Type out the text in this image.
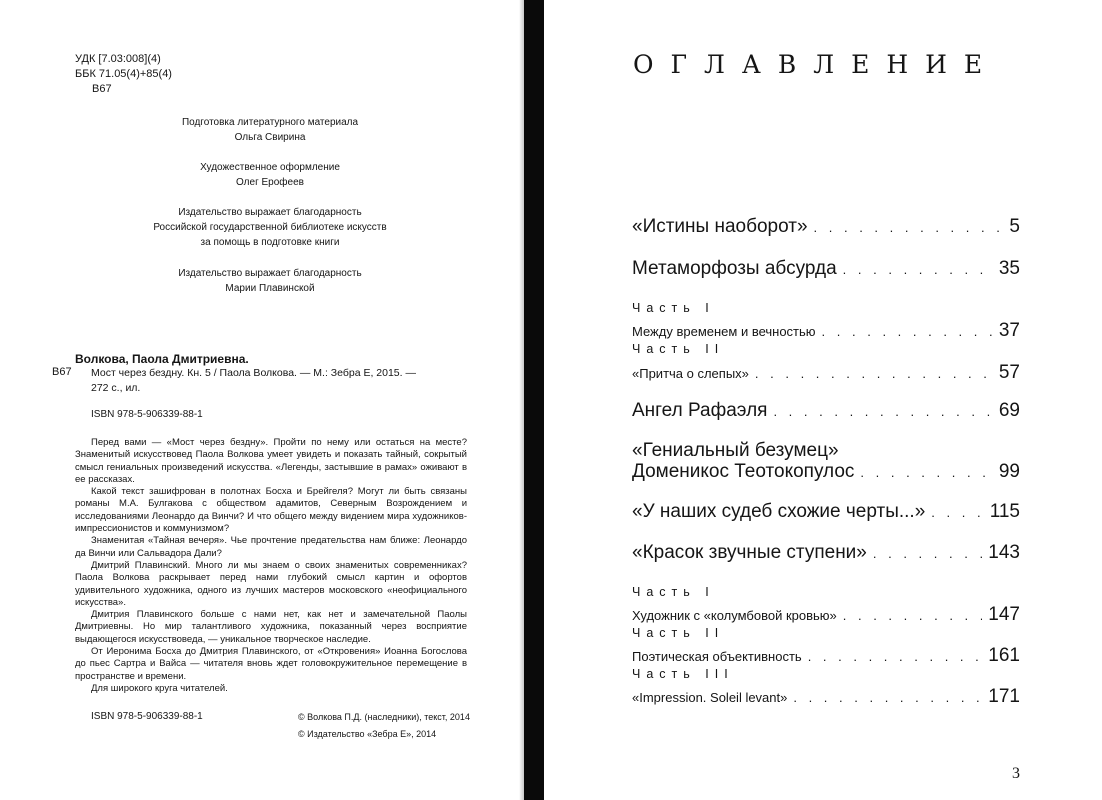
УДК [7.03:008](4)
ББК 71.05(4)+85(4)
В67
Подготовка литературного материала
Ольга Свирина
Художественное оформление
Олег Ерофеев
Издательство выражает благодарность
Российской государственной библиотеке искусств
за помощь в подготовке книги
Издательство выражает благодарность
Марии Плавинской
Волкова, Паола Дмитриевна.
В67 Мост через бездну. Кн. 5 / Паола Волкова. — М.: Зебра Е, 2015. —
272 с., ил.
ISBN 978-5-906339-88-1

Перед вами — «Мост через бездну». Пройти по нему или остаться на месте? Знаменитый искусствовед Паола Волкова умеет увидеть и показать тайный, сокрытый смысл гениальных произведений искусства. «Легенды, застывшие в рамах» оживают в ее рассказах.

Какой текст зашифрован в полотнах Босха и Брейгеля? Могут ли быть связаны романы М.А. Булгакова с обществом адамитов, Северным Возрождением и исследованиями Леонардо да Винчи? И что общего между видением мира художников-импрессионистов и коммунизмом?

Знаменитая «Тайная вечеря». Чье прочтение предательства нам ближе: Леонардо да Винчи или Сальвадора Дали?

Дмитрий Плавинский. Много ли мы знаем о своих знаменитых современниках? Паола Волкова раскрывает перед нами глубокий смысл картин и офортов удивительного художника, одного из лучших мастеров московского «неофициального искусства».

Дмитрия Плавинского больше с нами нет, как нет и замечательной Паолы Дмитриевны. Но мир талантливого художника, показанный через восприятие выдающегося искусствоведа, — уникальное творческое наследие.

От Иеронима Босха до Дмитрия Плавинского, от «Откровения» Иоанна Богослова до пьес Сартра и Вайса — читателя вновь ждет головокружительное перемещение в пространстве и времени.

Для широкого круга читателей.

ISBN 978-5-906339-88-1	© Волкова П.Д. (наследники), текст, 2014
© Издательство «Зебра Е», 2014
ОГЛАВЛЕНИЕ
«Истины наоборот» . . .	5
Метаморфозы абсурда . . .	35
Часть I
Между временем и вечностью . . .	37
Часть II
«Притча о слепых» . . .	57
Ангел Рафаэля . . .	69
«Гениальный безумец»
Доменикос Теотокопулос . . .	99
«У наших судеб схожие черты...» . . .	115
«Красок звучные ступени» . . .	143
Часть I
Художник с «колумбовой кровью» . . .	147
Часть II
Поэтическая объективность . . .	161
Часть III
«Impression. Soleil levant» . . .	171
3
